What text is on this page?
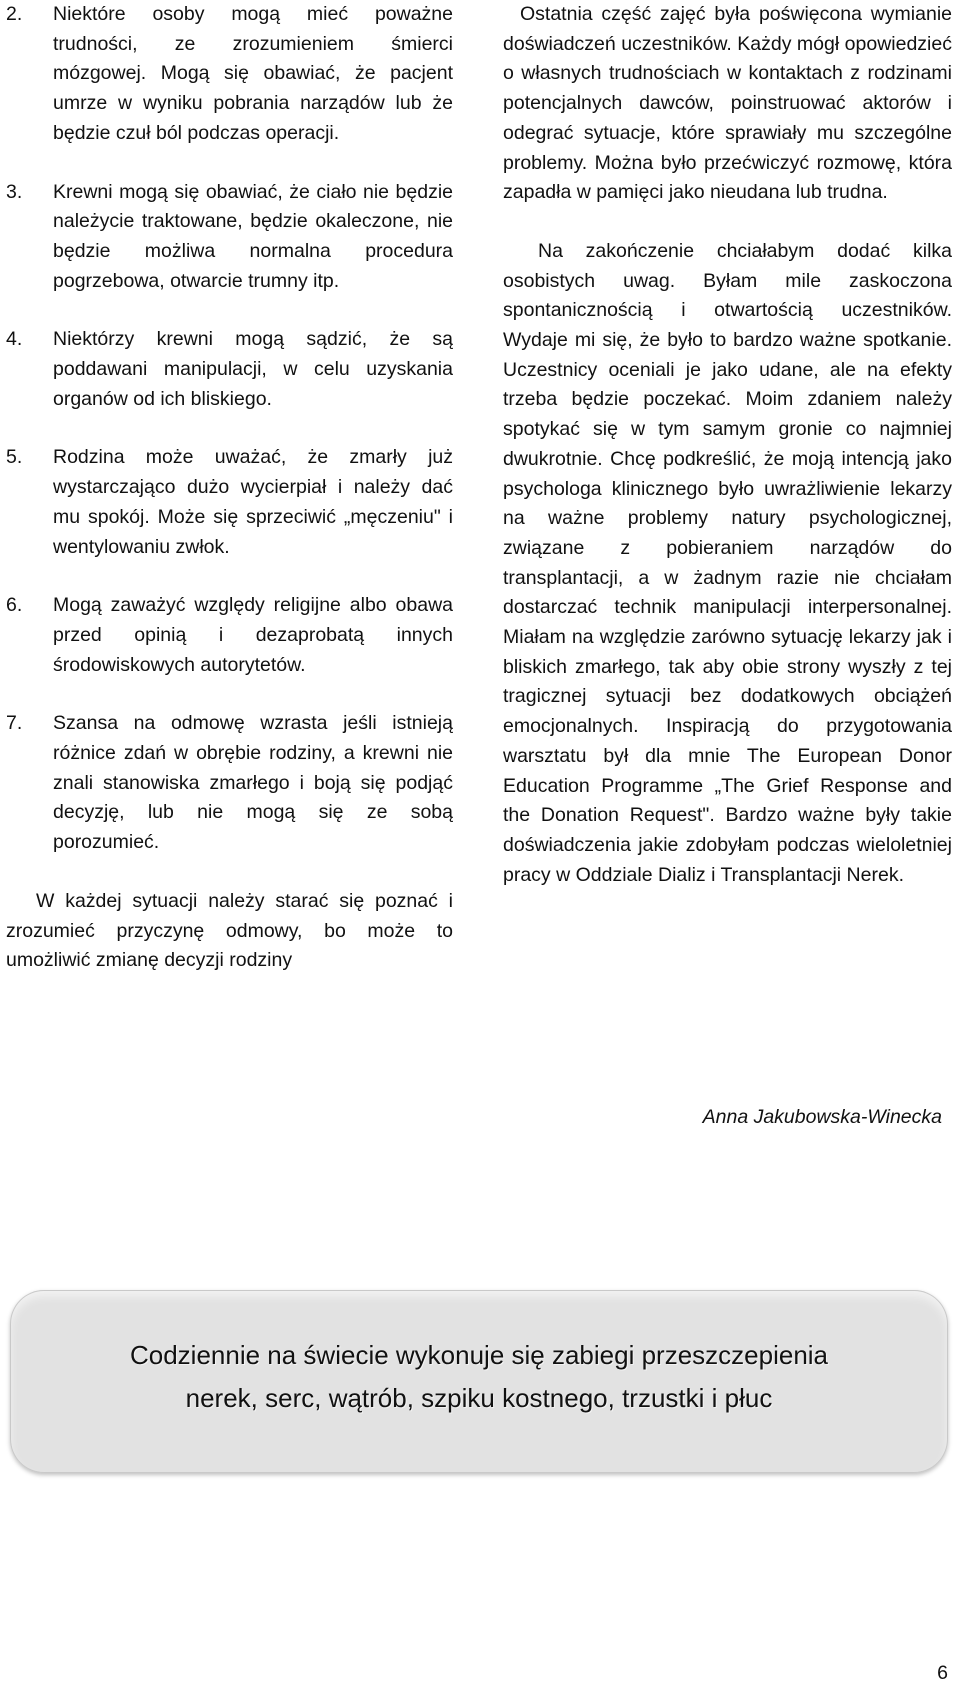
2.	Niektóre osoby mogą mieć poważne trudności, ze zrozumieniem śmierci mózgowej. Mogą się obawiać, że pacjent umrze w wyniku pobrania narządów lub że będzie czuł ból podczas operacji.
3.	Krewni mogą się obawiać, że ciało nie będzie należycie traktowane, będzie okaleczone, nie będzie możliwa normalna procedura pogrzebowa, otwarcie trumny itp.
4.	Niektórzy krewni mogą sądzić, że są poddawani manipulacji, w celu uzyskania organów od ich bliskiego.
5.	Rodzina może uważać, że zmarły już wystarczająco dużo wycierpiał i należy dać mu spokój. Może się sprzeciwić „męczeniu" i wentylowaniu zwłok.
6.	Mogą zaważyć względy religijne albo obawa przed opinią i dezaprobatą innych środowiskowych autorytetów.
7.	Szansa na odmowę wzrasta jeśli istnieją różnice zdań w obrębie rodziny, a krewni nie znali stanowiska zmarłego i boją się podjąć decyzję, lub nie mogą się ze sobą porozumieć.

W każdej sytuacji należy starać się poznać i zrozumieć przyczynę odmowy, bo może to umożliwić zmianę decyzji rodziny

Ostatnia część zajęć była poświęcona wymianie doświadczeń uczestników. Każdy mógł opowiedzieć o własnych trudnościach w kontaktach z rodzinami potencjalnych dawców, poinstruować aktorów i odegrać sytuacje, które sprawiały mu szczególne problemy. Można było przećwiczyć rozmowę, która zapadła w pamięci jako nieudana lub trudna.

Na zakończenie chciałabym dodać kilka osobistych uwag. Byłam mile zaskoczona spontanicznością i otwartością uczestników. Wydaje mi się, że było to bardzo ważne spotkanie. Uczestnicy oceniali je jako udane, ale na efekty trzeba będzie poczekać. Moim zdaniem należy spotykać się w tym samym gronie co najmniej dwukrotnie. Chcę podkreślić, że moją intencją jako psychologa klinicznego było uwrażliwienie lekarzy na ważne problemy natury psychologicznej, związane z pobieraniem narządów do transplantacji, a w żadnym razie nie chciałam dostarczać technik manipulacji interpersonalnej. Miałam na względzie zarówno sytuację lekarzy jak i bliskich zmarłego, tak aby obie strony wyszły z tej tragicznej sytuacji bez dodatkowych obciążeń emocjonalnych. Inspiracją do przygotowania warsztatu był dla mnie The European Donor Education Programme „The Grief Response and the Donation Request". Bardzo ważne były takie doświadczenia jakie zdobyłam podczas wieloletniej pracy w Oddziale Dializ i Transplantacji Nerek.

Anna Jakubowska-Winecka
Codziennie na świecie wykonuje się zabiegi przeszczepienia
nerek, serc, wątrób, szpiku kostnego, trzustki i płuc
6
